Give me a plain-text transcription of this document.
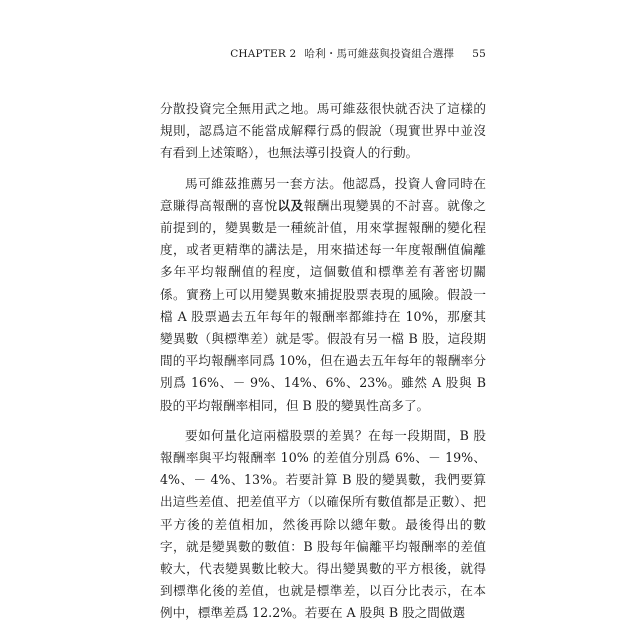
CHAPTER 2 哈利・馬可維茲與投資組合選擇 55

分散投資完全無用武之地。馬可維茲很快就否決了這樣的規則，認爲這不能當成解釋行爲的假說（現實世界中並沒有看到上述策略），也無法導引投資人的行動。

馬可維茲推薦另一套方法。他認爲，投資人會同時在意賺得高報酬的喜悅以及報酬出現變異的不討喜。就像之前提到的，變異數是一種統計值，用來掌握報酬的變化程度，或者更精準的講法是，用來描述每一年度報酬值偏離多年平均報酬值的程度，這個數值和標準差有著密切關係。實務上可以用變異數來捕捉股票表現的風險。假設一檔 A 股票過去五年每年的報酬率都維持在 10%，那麼其變異數（與標準差）就是零。假設有另一檔 B 股，這段期間的平均報酬率同爲 10%，但在過去五年每年的報酬率分別爲 16%、－ 9%、14%、6%、23%。雖然 A 股與 B 股的平均報酬率相同，但 B 股的變異性高多了。

要如何量化這兩檔股票的差異？在每一段期間，B 股報酬率與平均報酬率 10% 的差值分別爲 6%、－ 19%、4%、－ 4%、13%。若要計算 B 股的變異數，我們要算出這些差值、把差值平方（以確保所有數值都是正數）、把平方後的差值相加，然後再除以總年數。最後得出的數字，就是變異數的數值：B 股每年偏離平均報酬率的差值較大，代表變異數比較大。得出變異數的平方根後，就得到標準化後的差值，也就是標準差，以百分比表示，在本例中，標準差爲 12.2%。若要在 A 股與 B 股之間做選
